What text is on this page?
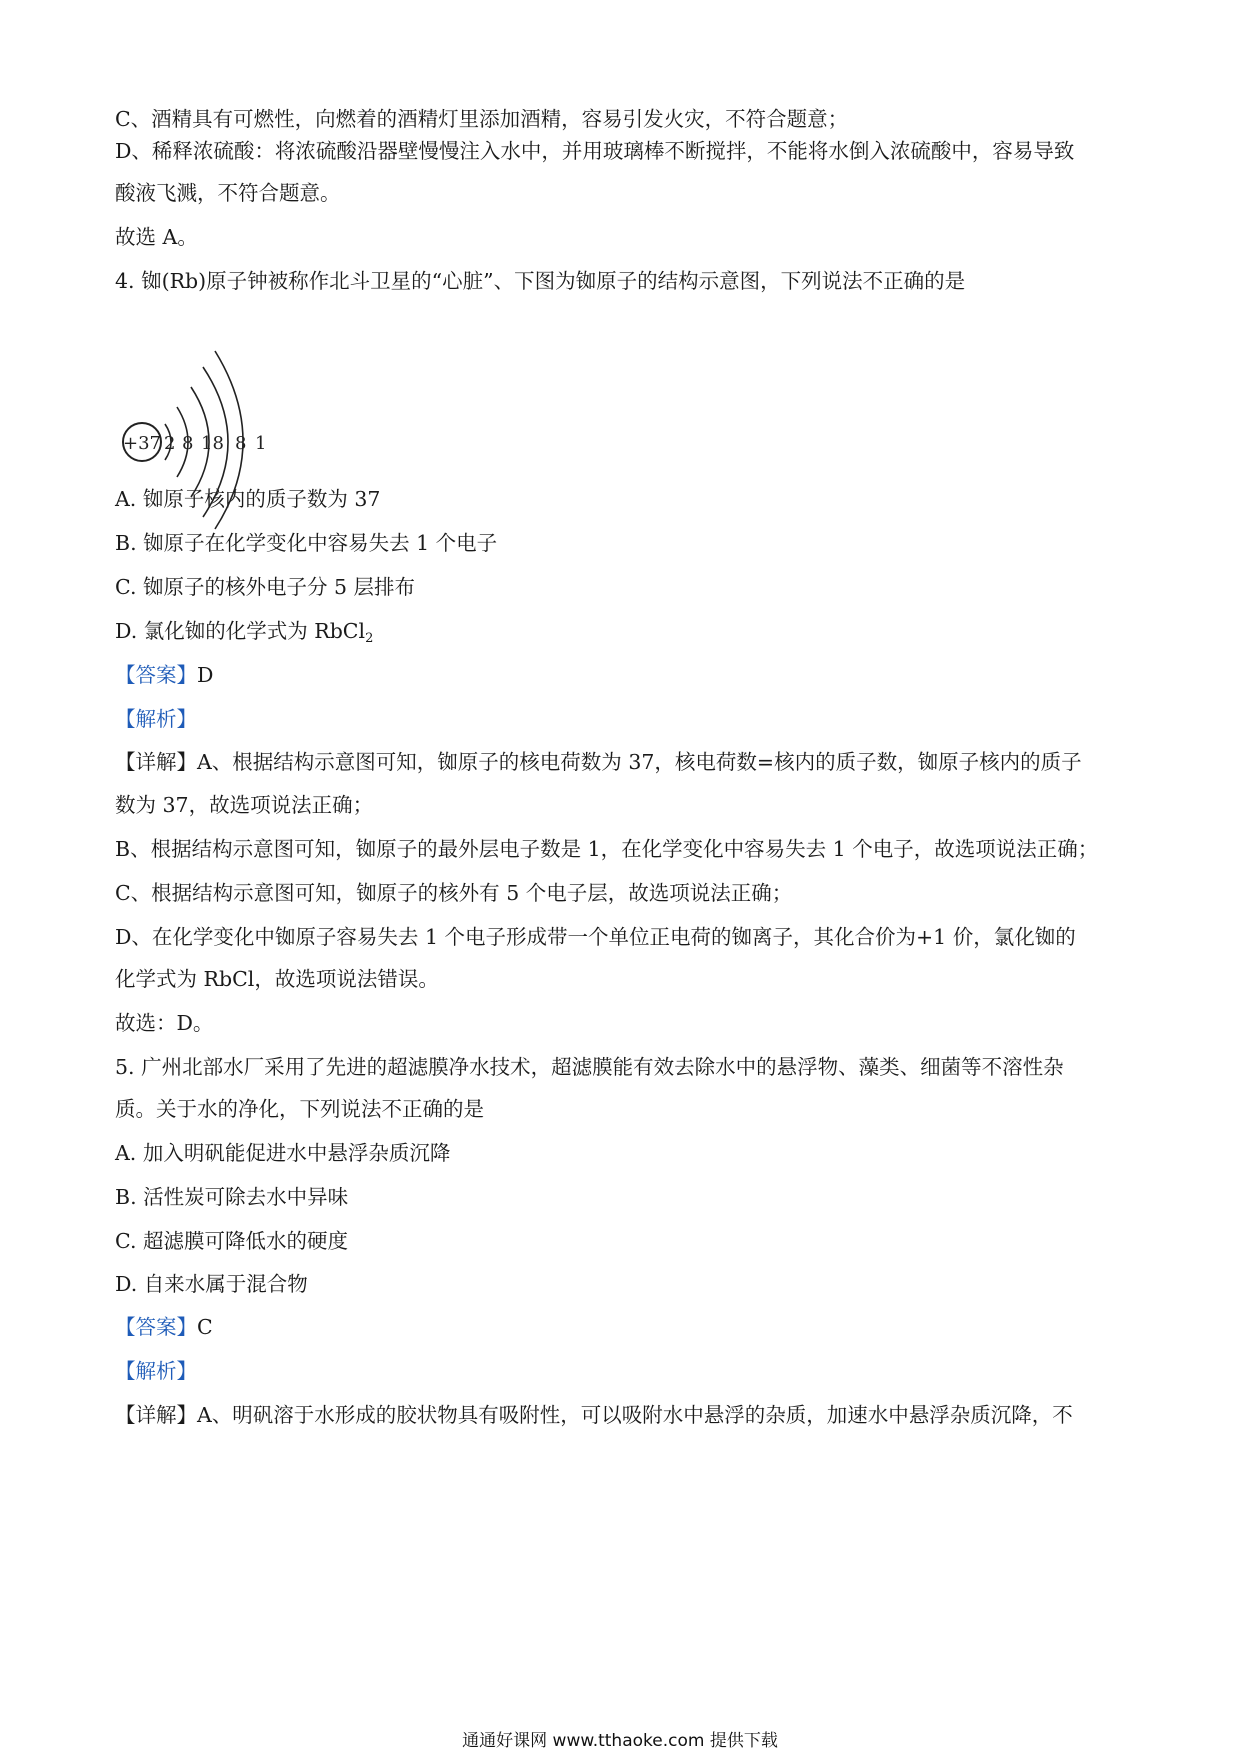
C、酒精具有可燃性，向燃着的酒精灯里添加酒精，容易引发火灾，不符合题意；
D、稀释浓硫酸：将浓硫酸沿器壁慢慢注入水中，并用玻璃棒不断搅拌，不能将水倒入浓硫酸中，容易导致
酸液飞溅，不符合题意。
故选 A。
4. 铷(Rb)原子钟被称作北斗卫星的“心脏”、下图为铷原子的结构示意图，下列说法不正确的是
A. 铷原子核内的质子数为 37
B. 铷原子在化学变化中容易失去 1 个电子
C. 铷原子的核外电子分 5 层排布
D. 氯化铷的化学式为 RbCl$_2$
【答案】D
【解析】
【详解】A、根据结构示意图可知，铷原子的核电荷数为 37，核电荷数=核内的质子数，铷原子核内的质子
数为 37，故选项说法正确；
B、根据结构示意图可知，铷原子的最外层电子数是 1，在化学变化中容易失去 1 个电子，故选项说法正确；
C、根据结构示意图可知，铷原子的核外有 5 个电子层，故选项说法正确；
D、在化学变化中铷原子容易失去 1 个电子形成带一个单位正电荷的铷离子，其化合价为+1 价，氯化铷的
化学式为 RbCl，故选项说法错误。
故选：D。
5. 广州北部水厂采用了先进的超滤膜净水技术，超滤膜能有效去除水中的悬浮物、藻类、细菌等不溶性杂
质。关于水的净化，下列说法不正确的是
A. 加入明矾能促进水中悬浮杂质沉降
B. 活性炭可除去水中异味
C. 超滤膜可降低水的硬度
D. 自来水属于混合物
【答案】C
【解析】
【详解】A、明矾溶于水形成的胶状物具有吸附性，可以吸附水中悬浮的杂质，加速水中悬浮杂质沉降，不
+37 2 8 18 8 1
通通好课网 www.tthaoke.com 提供下载
